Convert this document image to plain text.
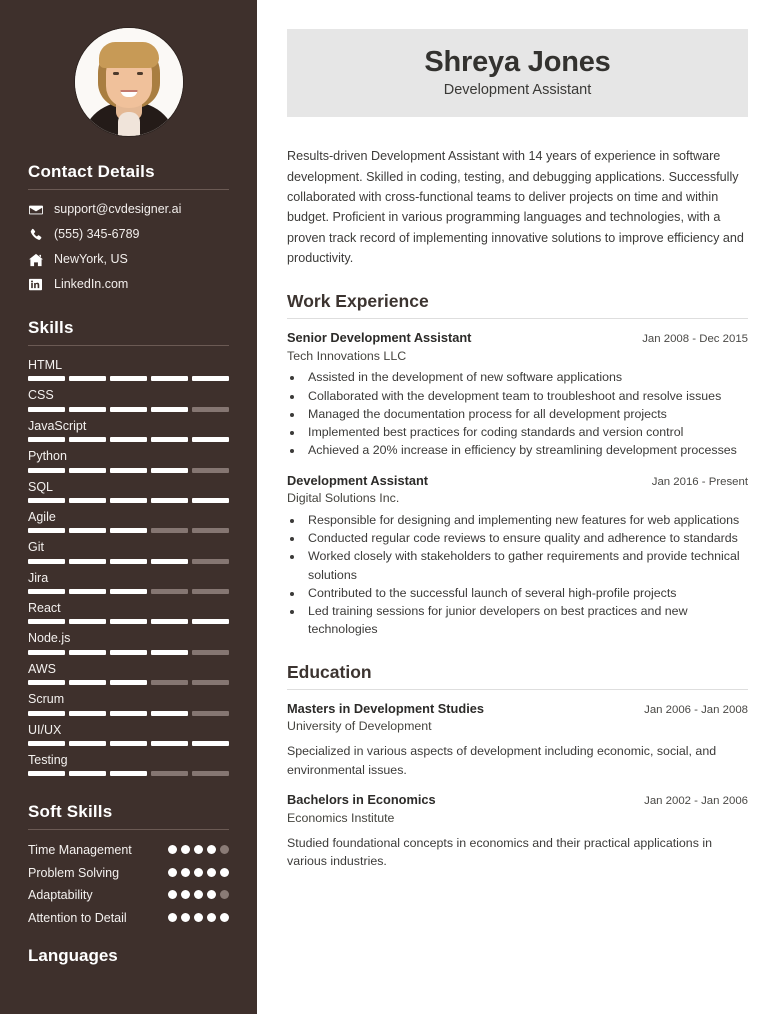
Contact Details
support@cvdesigner.ai
(555) 345-6789
NewYork, US
LinkedIn.com
Skills
HTML
CSS
JavaScript
Python
SQL
Agile
Git
Jira
React
Node.js
AWS
Scrum
UI/UX
Testing
Soft Skills
Time Management
Problem Solving
Adaptability
Attention to Detail
Languages
Shreya Jones
Development Assistant

Results-driven Development Assistant with 14 years of experience in software development. Skilled in coding, testing, and debugging applications. Successfully collaborated with cross-functional teams to deliver projects on time and within budget. Proficient in various programming languages and technologies, with a proven track record of implementing innovative solutions to improve efficiency and productivity.

Work Experience
Senior Development Assistant	Jan 2008 - Dec 2015
Tech Innovations LLC
• Assisted in the development of new software applications
• Collaborated with the development team to troubleshoot and resolve issues
• Managed the documentation process for all development projects
• Implemented best practices for coding standards and version control
• Achieved a 20% increase in efficiency by streamlining development processes
Development Assistant	Jan 2016 - Present
Digital Solutions Inc.
• Responsible for designing and implementing new features for web applications
• Conducted regular code reviews to ensure quality and adherence to standards
• Worked closely with stakeholders to gather requirements and provide technical solutions
• Contributed to the successful launch of several high-profile projects
• Led training sessions for junior developers on best practices and new technologies
Education
Masters in Development Studies	Jan 2006 - Jan 2008
University of Development
Specialized in various aspects of development including economic, social, and environmental issues.
Bachelors in Economics	Jan 2002 - Jan 2006
Economics Institute
Studied foundational concepts in economics and their practical applications in various industries.
